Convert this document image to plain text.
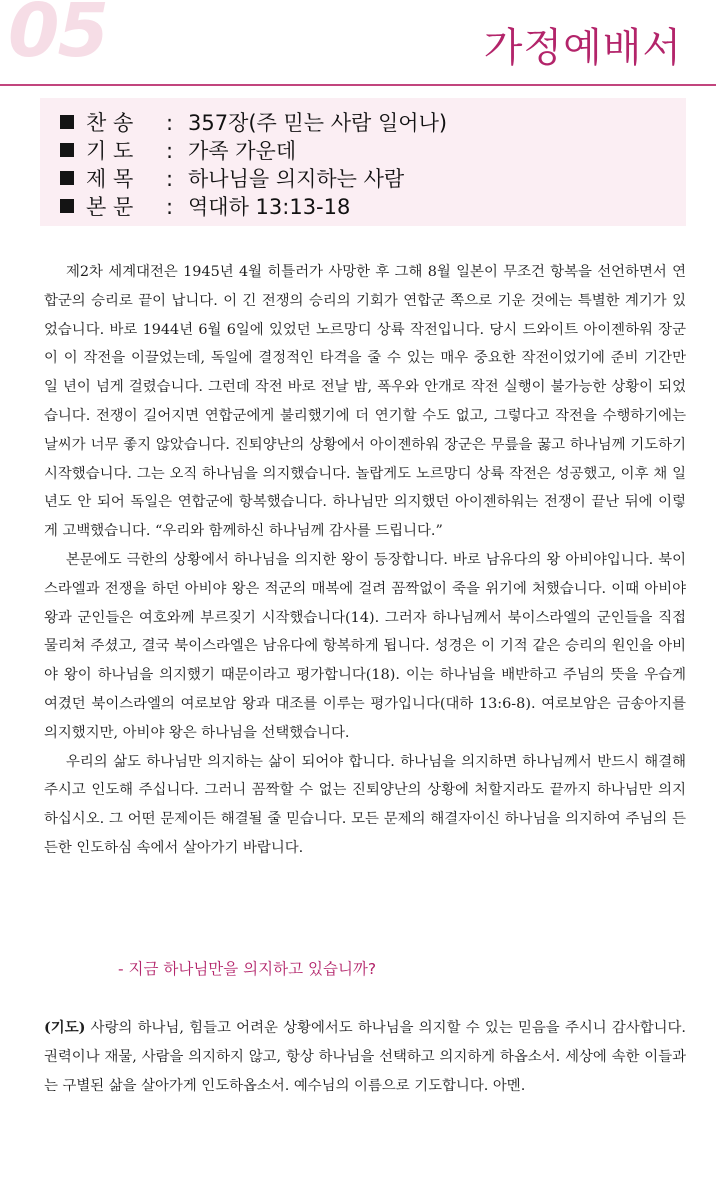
05	가정예배서
찬 송 : 357장(주 믿는 사람 일어나)
기 도 : 가족 가운데
제 목 : 하나님을 의지하는 사람
본 문 : 역대하 13:13-18

제2차 세계대전은 1945년 4월 히틀러가 사망한 후 그해 8월 일본이 무조건 항복을 선언하면서 연합군의 승리로 끝이 납니다. 이 긴 전쟁의 승리의 기회가 연합군 쪽으로 기운 것에는 특별한 계기가 있었습니다. 바로 1944년 6월 6일에 있었던 노르망디 상륙 작전입니다. 당시 드와이트 아이젠하워 장군이 이 작전을 이끌었는데, 독일에 결정적인 타격을 줄 수 있는 매우 중요한 작전이었기에 준비 기간만 일 년이 넘게 걸렸습니다. 그런데 작전 바로 전날 밤, 폭우와 안개로 작전 실행이 불가능한 상황이 되었습니다. 전쟁이 길어지면 연합군에게 불리했기에 더 연기할 수도 없고, 그렇다고 작전을 수행하기에는 날씨가 너무 좋지 않았습니다. 진퇴양난의 상황에서 아이젠하워 장군은 무릎을 꿇고 하나님께 기도하기 시작했습니다. 그는 오직 하나님을 의지했습니다. 놀랍게도 노르망디 상륙 작전은 성공했고, 이후 채 일 년도 안 되어 독일은 연합군에 항복했습니다. 하나님만 의지했던 아이젠하워는 전쟁이 끝난 뒤에 이렇게 고백했습니다. “우리와 함께하신 하나님께 감사를 드립니다.”

본문에도 극한의 상황에서 하나님을 의지한 왕이 등장합니다. 바로 남유다의 왕 아비야입니다. 북이스라엘과 전쟁을 하던 아비야 왕은 적군의 매복에 걸려 꼼짝없이 죽을 위기에 처했습니다. 이때 아비야 왕과 군인들은 여호와께 부르짖기 시작했습니다(14). 그러자 하나님께서 북이스라엘의 군인들을 직접 물리쳐 주셨고, 결국 북이스라엘은 남유다에 항복하게 됩니다. 성경은 이 기적 같은 승리의 원인을 아비야 왕이 하나님을 의지했기 때문이라고 평가합니다(18). 이는 하나님을 배반하고 주님의 뜻을 우습게 여겼던 북이스라엘의 여로보암 왕과 대조를 이루는 평가입니다(대하 13:6-8). 여로보암은 금송아지를 의지했지만, 아비야 왕은 하나님을 선택했습니다.

우리의 삶도 하나님만 의지하는 삶이 되어야 합니다. 하나님을 의지하면 하나님께서 반드시 해결해 주시고 인도해 주십니다. 그러니 꼼짝할 수 없는 진퇴양난의 상황에 처할지라도 끝까지 하나님만 의지하십시오. 그 어떤 문제이든 해결될 줄 믿습니다. 모든 문제의 해결자이신 하나님을 의지하여 주님의 든든한 인도하심 속에서 살아가기 바랍니다.

- 지금 하나님만을 의지하고 있습니까?

(기도) 사랑의 하나님, 힘들고 어려운 상황에서도 하나님을 의지할 수 있는 믿음을 주시니 감사합니다. 권력이나 재물, 사람을 의지하지 않고, 항상 하나님을 선택하고 의지하게 하옵소서. 세상에 속한 이들과는 구별된 삶을 살아가게 인도하옵소서. 예수님의 이름으로 기도합니다. 아멘.
